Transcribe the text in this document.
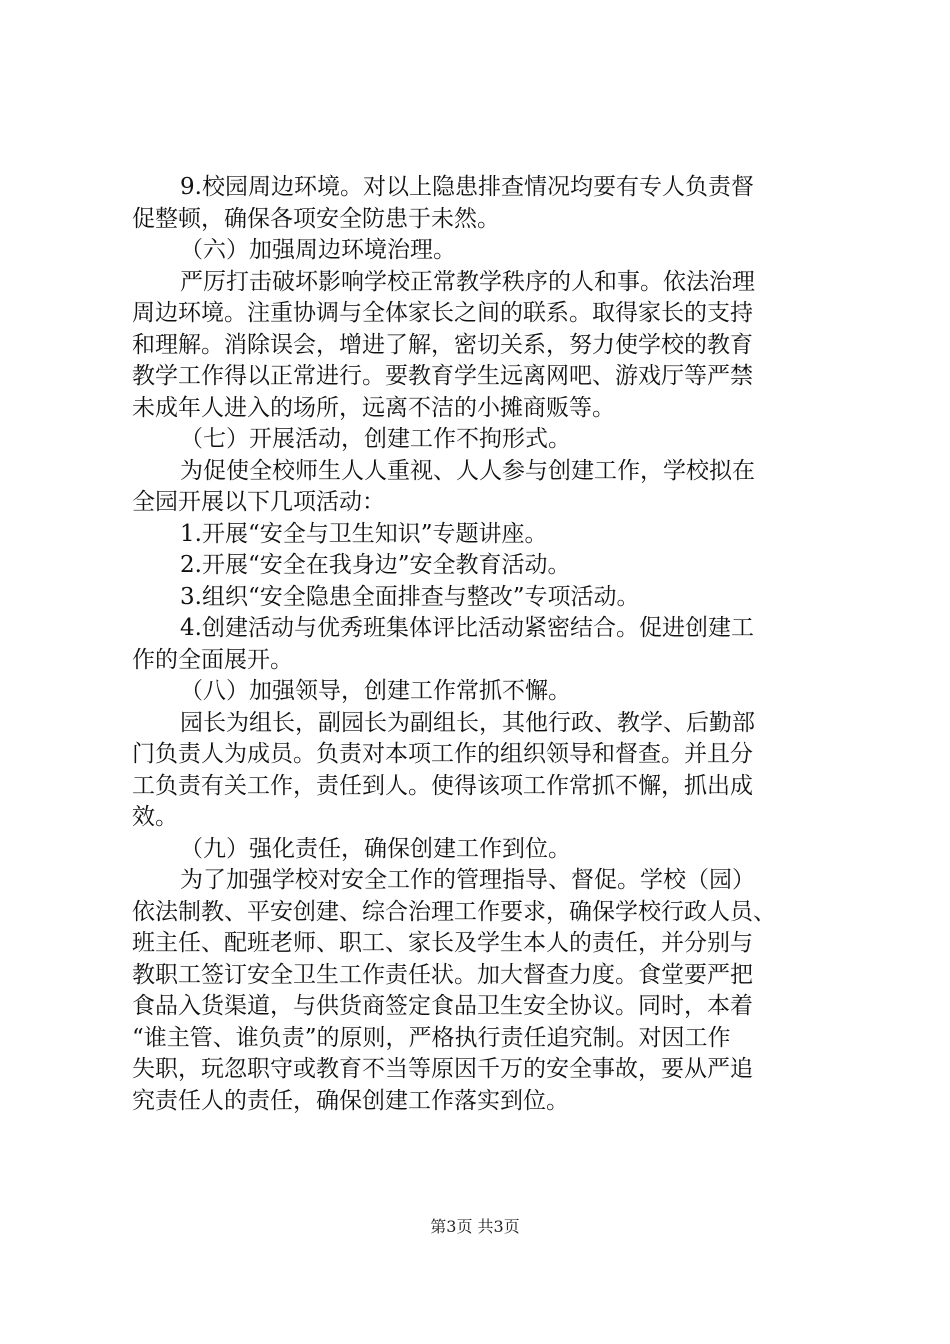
9.校园周边环境。对以上隐患排查情况均要有专人负责督
促整顿，确保各项安全防患于未然。
（六）加强周边环境治理。
严厉打击破坏影响学校正常教学秩序的人和事。依法治理
周边环境。注重协调与全体家长之间的联系。取得家长的支持
和理解。消除误会，增进了解，密切关系，努力使学校的教育
教学工作得以正常进行。要教育学生远离网吧、游戏厅等严禁
未成年人进入的场所，远离不洁的小摊商贩等。
（七）开展活动，创建工作不拘形式。
为促使全校师生人人重视、人人参与创建工作，学校拟在
全园开展以下几项活动：
1.开展“安全与卫生知识”专题讲座。
2.开展“安全在我身边”安全教育活动。
3.组织“安全隐患全面排查与整改”专项活动。
4.创建活动与优秀班集体评比活动紧密结合。促进创建工
作的全面展开。
（八）加强领导，创建工作常抓不懈。
园长为组长，副园长为副组长，其他行政、教学、后勤部
门负责人为成员。负责对本项工作的组织领导和督查。并且分
工负责有关工作，责任到人。使得该项工作常抓不懈，抓出成
效。
（九）强化责任，确保创建工作到位。
为了加强学校对安全工作的管理指导、督促。学校（园）
依法制教、平安创建、综合治理工作要求，确保学校行政人员、
班主任、配班老师、职工、家长及学生本人的责任，并分别与
教职工签订安全卫生工作责任状。加大督查力度。食堂要严把
食品入货渠道，与供货商签定食品卫生安全协议。同时，本着
“谁主管、谁负责”的原则，严格执行责任追究制。对因工作
失职，玩忽职守或教育不当等原因千万的安全事故，要从严追
究责任人的责任，确保创建工作落实到位。
第3页 共3页
